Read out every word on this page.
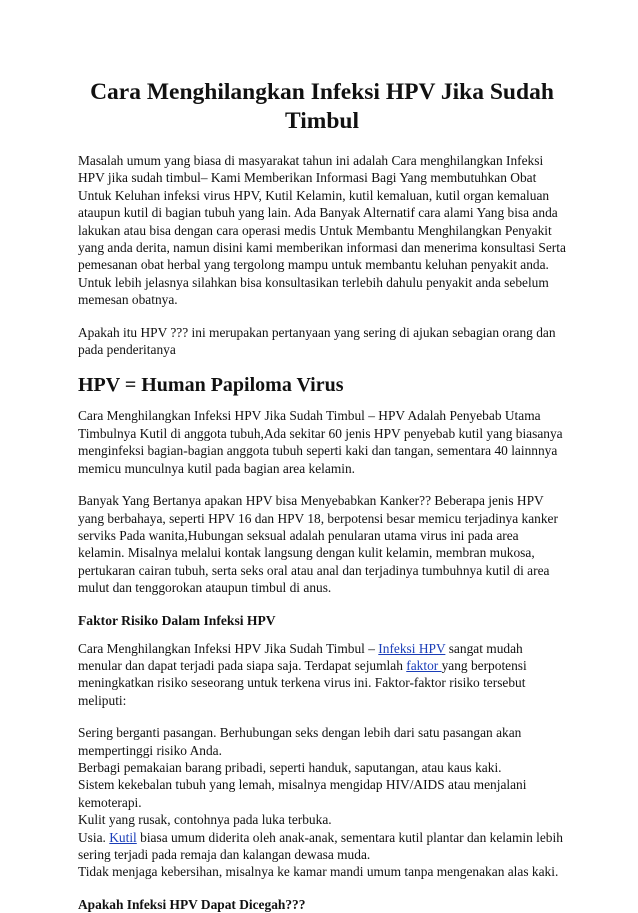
Cara Menghilangkan Infeksi HPV Jika Sudah Timbul

Masalah umum yang biasa di masyarakat tahun ini adalah Cara menghilangkan Infeksi HPV jika sudah timbul– Kami Memberikan Informasi Bagi Yang membutuhkan Obat Untuk Keluhan infeksi virus HPV, Kutil Kelamin, kutil kemaluan, kutil organ kemaluan ataupun kutil di bagian tubuh yang lain. Ada Banyak Alternatif cara alami Yang bisa anda lakukan atau bisa dengan cara operasi medis Untuk Membantu Menghilangkan Penyakit yang anda derita, namun disini kami memberikan informasi dan menerima konsultasi Serta pemesanan obat herbal yang tergolong mampu untuk membantu keluhan penyakit anda. Untuk lebih jelasnya silahkan bisa konsultasikan terlebih dahulu penyakit anda sebelum memesan obatnya.

Apakah itu HPV ??? ini merupakan pertanyaan yang sering di ajukan sebagian orang dan pada penderitanya

HPV = Human Papiloma Virus

Cara Menghilangkan Infeksi HPV Jika Sudah Timbul – HPV Adalah Penyebab Utama Timbulnya Kutil di anggota tubuh,Ada sekitar 60 jenis HPV penyebab kutil yang biasanya menginfeksi bagian-bagian anggota tubuh seperti kaki dan tangan, sementara 40 lainnnya memicu munculnya kutil pada bagian area kelamin.

Banyak Yang Bertanya apakan HPV bisa Menyebabkan Kanker?? Beberapa jenis HPV yang berbahaya, seperti HPV 16 dan HPV 18, berpotensi besar memicu terjadinya kanker serviks Pada wanita,Hubungan seksual adalah penularan utama virus ini pada area kelamin. Misalnya melalui kontak langsung dengan kulit kelamin, membran mukosa, pertukaran cairan tubuh, serta seks oral atau anal dan terjadinya tumbuhnya kutil di area mulut dan tenggorokan ataupun timbul di anus.

Faktor Risiko Dalam Infeksi HPV

Cara Menghilangkan Infeksi HPV Jika Sudah Timbul – Infeksi HPV sangat mudah menular dan dapat terjadi pada siapa saja. Terdapat sejumlah faktor yang berpotensi meningkatkan risiko seseorang untuk terkena virus ini. Faktor-faktor risiko tersebut meliputi:

Sering berganti pasangan. Berhubungan seks dengan lebih dari satu pasangan akan mempertinggi risiko Anda.

Berbagi pemakaian barang pribadi, seperti handuk, saputangan, atau kaus kaki.

Sistem kekebalan tubuh yang lemah, misalnya mengidap HIV/AIDS atau menjalani kemoterapi.

Kulit yang rusak, contohnya pada luka terbuka.

Usia. Kutil biasa umum diderita oleh anak-anak, sementara kutil plantar dan kelamin lebih sering terjadi pada remaja dan kalangan dewasa muda.

Tidak menjaga kebersihan, misalnya ke kamar mandi umum tanpa mengenakan alas kaki.

Apakah Infeksi HPV Dapat Dicegah???
